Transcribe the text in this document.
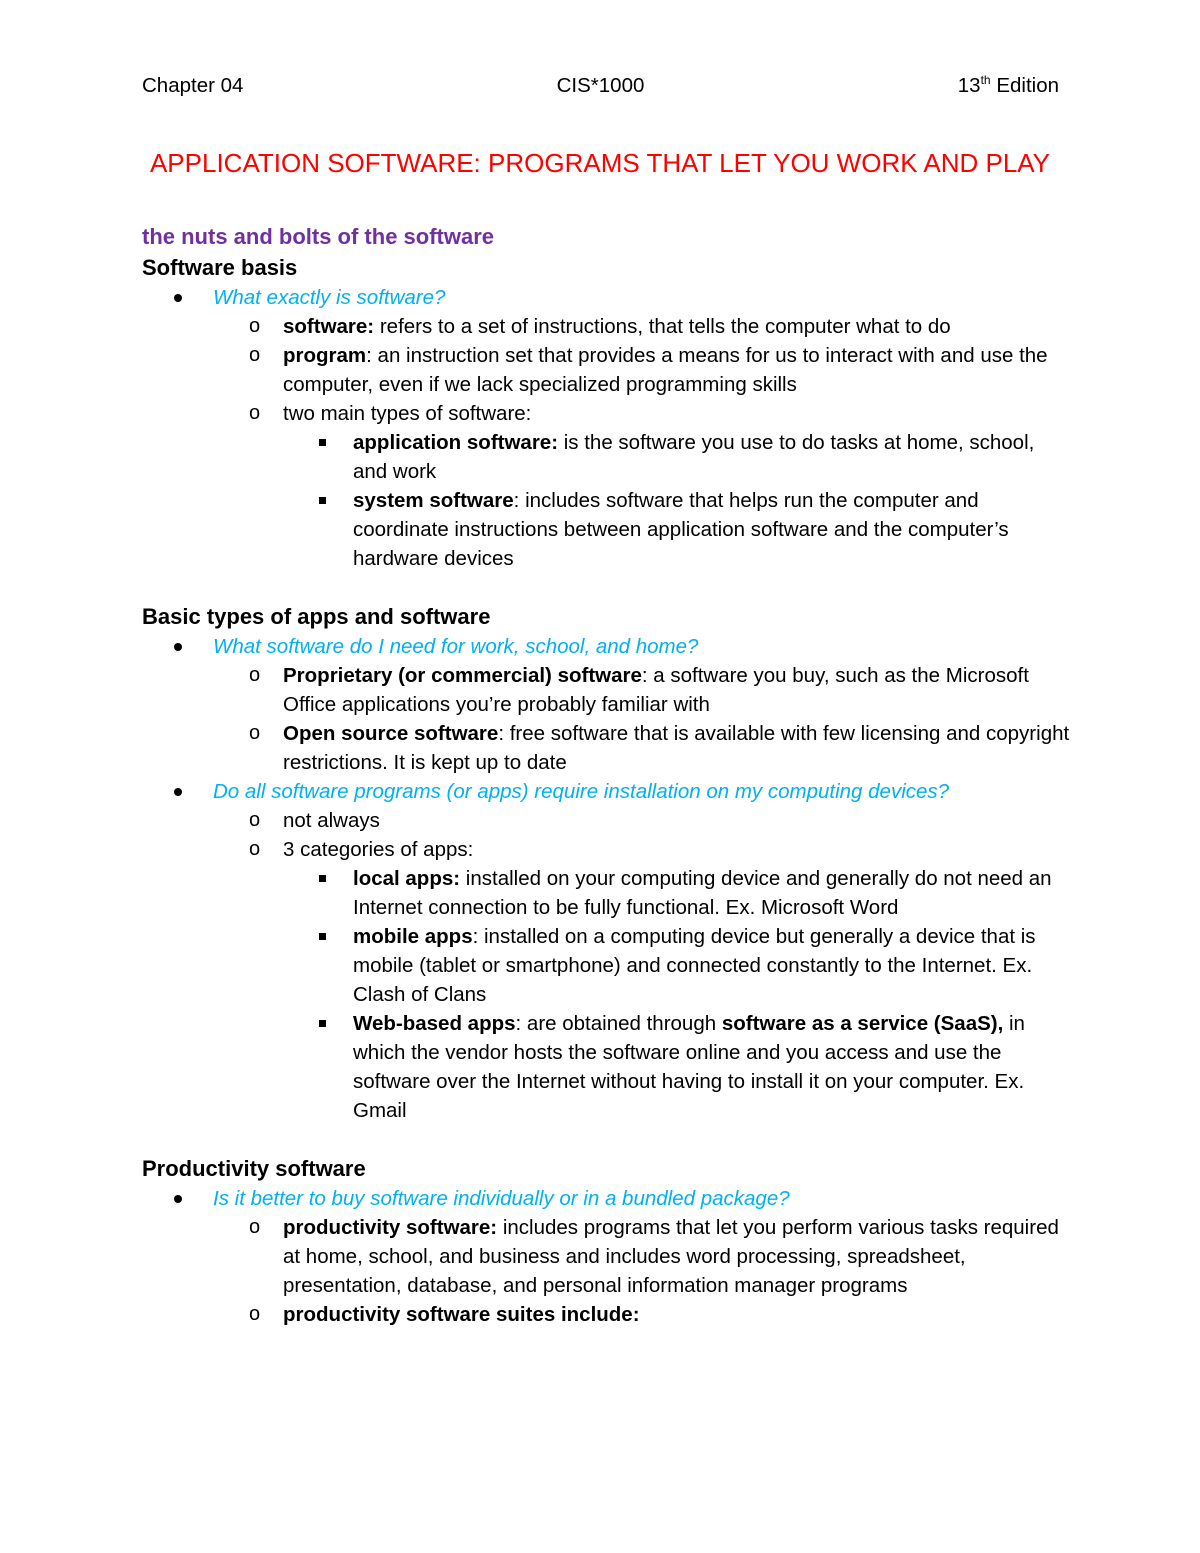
Chapter 04	CIS*1000	13th Edition
APPLICATION SOFTWARE: PROGRAMS THAT LET YOU WORK AND PLAY

the nuts and bolts of the software

Software basis

What exactly is software?
o software: refers to a set of instructions, that tells the computer what to do
o program: an instruction set that provides a means for us to interact with and use the computer, even if we lack specialized programming skills
o two main types of software:
application software: is the software you use to do tasks at home, school, and work
system software: includes software that helps run the computer and coordinate instructions between application software and the computer’s hardware devices

Basic types of apps and software

What software do I need for work, school, and home?
o Proprietary (or commercial) software: a software you buy, such as the Microsoft Office applications you’re probably familiar with
o Open source software: free software that is available with few licensing and copyright restrictions. It is kept up to date
Do all software programs (or apps) require installation on my computing devices?
o not always
o 3 categories of apps:
local apps: installed on your computing device and generally do not need an Internet connection to be fully functional. Ex. Microsoft Word
mobile apps: installed on a computing device but generally a device that is mobile (tablet or smartphone) and connected constantly to the Internet. Ex. Clash of Clans
Web-based apps: are obtained through software as a service (SaaS), in which the vendor hosts the software online and you access and use the software over the Internet without having to install it on your computer. Ex. Gmail

Productivity software

Is it better to buy software individually or in a bundled package?
o productivity software: includes programs that let you perform various tasks required at home, school, and business and includes word processing, spreadsheet, presentation, database, and personal information manager programs
o productivity software suites include:
